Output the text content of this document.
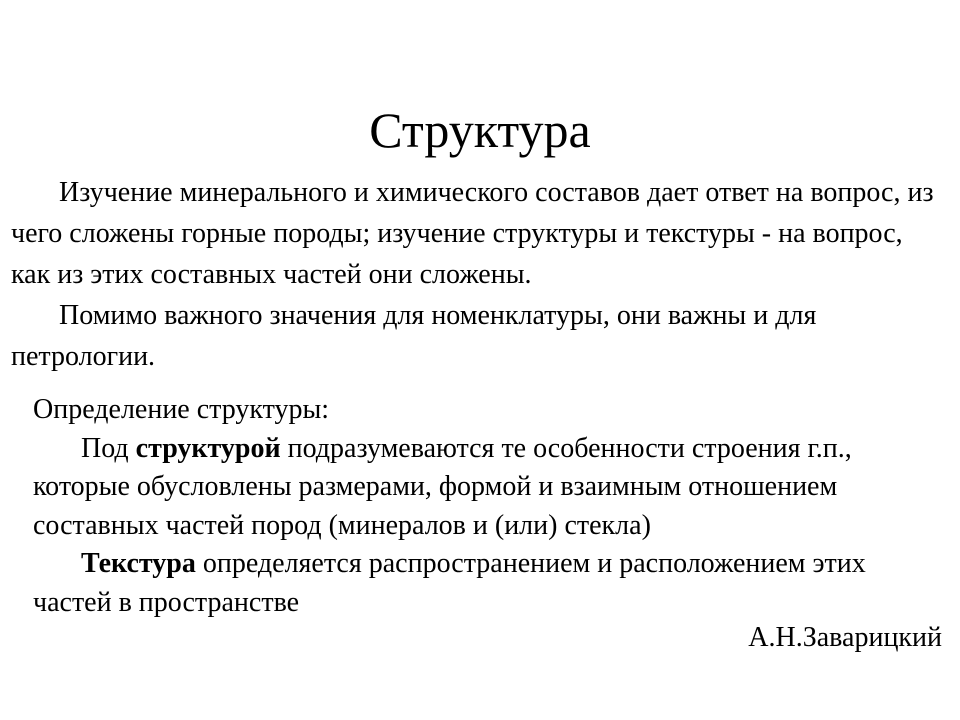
Структура

Изучение минерального и химического составов дает ответ на вопрос, из чего сложены горные породы; изучение структуры и текстуры - на вопрос, как из этих составных частей они сложены.

Помимо важного значения для номенклатуры, они важны и для петрологии.

Определение структуры:

Под структурой подразумеваются те особенности строения г.п., которые обусловлены размерами, формой и взаимным отношением составных частей пород (минералов и (или) стекла)

Текстура определяется распространением и расположением этих частей в пространстве

А.Н.Заварицкий
